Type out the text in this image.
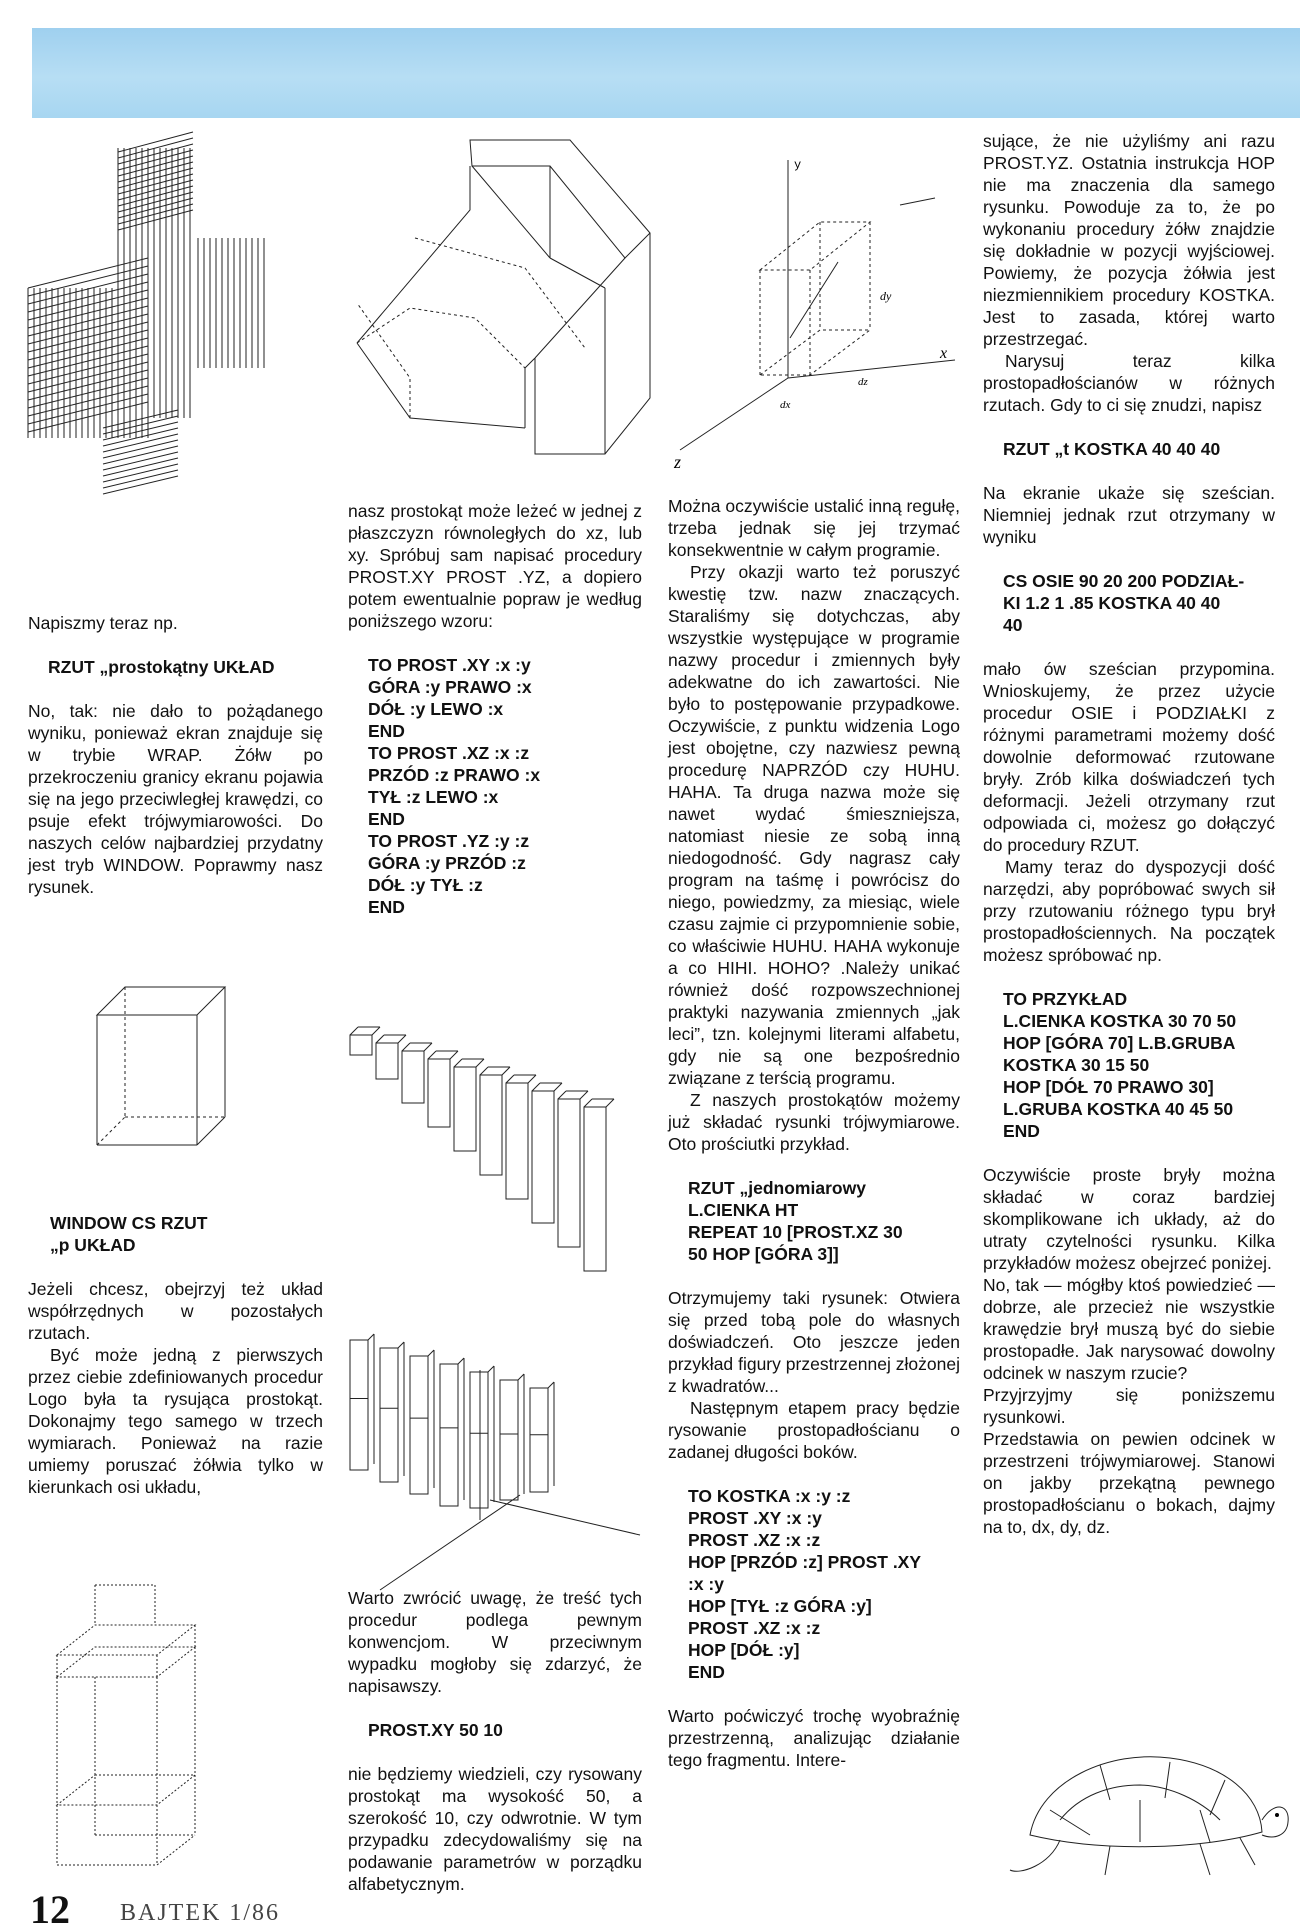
Napiszmy teraz np.

RZUT „prostokątny UKŁAD

No, tak: nie dało to pożądanego wyniku, ponieważ ekran znajduje się w trybie WRAP. Żółw po przekroczeniu granicy ekranu pojawia się na jego przeciwległej krawędzi, co psuje efekt trójwymiarowości. Do naszych celów najbardziej przydatny jest tryb WINDOW. Poprawmy nasz rysunek.

WINDOW CS RZUT

„p UKŁAD

Jeżeli chcesz, obejrzyj też układ współrzędnych w pozostałych rzutach.

Być może jedną z pierwszych przez ciebie zdefiniowanych procedur Logo była ta rysująca prostokąt. Dokonajmy tego samego w trzech wymiarach. Ponieważ na razie umiemy poruszać żółwia tylko w kierunkach osi układu,

nasz prostokąt może leżeć w jednej z płaszczyzn równoległych do xz, lub xy. Spróbuj sam napisać procedury PROST.XY PROST .YZ, a dopiero potem ewentualnie popraw je według poniższego wzoru:

TO PROST .XY :x :y

GÓRA :y PRAWO :x

DÓŁ :y LEWO :x

END

TO PROST .XZ :x :z

PRZÓD :z PRAWO :x

TYŁ :z LEWO :x

END

TO PROST .YZ :y :z

GÓRA :y PRZÓD :z

DÓŁ :y TYŁ :z

END

Warto zwrócić uwagę, że treść tych procedur podlega pewnym konwencjom. W przeciwnym wypadku mogłoby się zdarzyć, że napisawszy.

PROST.XY 50 10

nie będziemy wiedzieli, czy rysowany prostokąt ma wysokość 50, a szerokość 10, czy odwrotnie. W tym przypadku zdecydowaliśmy się na podawanie parametrów w porządku alfabetycznym.

y
dy
x
dz
dx
z

Można oczywiście ustalić inną regułę, trzeba jednak się jej trzymać konsekwentnie w całym programie.

Przy okazji warto też poruszyć kwestię tzw. nazw znaczących. Staraliśmy się dotychczas, aby wszystkie występujące w programie nazwy procedur i zmiennych były adekwatne do ich zawartości. Nie było to postępowanie przypadkowe. Oczywiście, z punktu widzenia Logo jest obojętne, czy nazwiesz pewną procedurę NAPRZÓD czy HUHU. HAHA. Ta druga nazwa może się nawet wydać śmieszniejsza, natomiast niesie ze sobą inną niedogodność. Gdy nagrasz cały program na taśmę i powrócisz do niego, powiedzmy, za miesiąc, wiele czasu zajmie ci przypomnienie sobie, co właściwie HUHU. HAHA wykonuje a co HIHI. HOHO? .Należy unikać również dość rozpowszechnionej praktyki nazywania zmiennych „jak leci”, tzn. kolejnymi literami alfabetu, gdy nie są one bezpośrednio związane z terścią programu.

Z naszych prostokątów możemy już składać rysunki trójwymiarowe. Oto prościutki przykład.

RZUT „jednomiarowy

L.CIENKA HT

REPEAT 10 [PROST.XZ 30

50 HOP [GÓRA 3]]

Otrzymujemy taki rysunek: Otwiera się przed tobą pole do własnych doświadczeń. Oto jeszcze jeden przykład figury przestrzennej złożonej z kwadratów...

Następnym etapem pracy będzie rysowanie prostopadłościanu o zadanej długości boków.

TO KOSTKA :x :y :z

PROST .XY :x :y

PROST .XZ :x :z

HOP [PRZÓD :z] PROST .XY

:x :y

HOP [TYŁ :z GÓRA :y]

PROST .XZ :x :z

HOP [DÓŁ :y]

END

Warto poćwiczyć trochę wyobraźnię przestrzenną, analizując działanie tego fragmentu. Intere-

sujące, że nie użyliśmy ani razu PROST.YZ. Ostatnia instrukcja HOP nie ma znaczenia dla samego rysunku. Powoduje za to, że po wykonaniu procedury żółw znajdzie się dokładnie w pozycji wyjściowej. Powiemy, że pozycja żółwia jest niezmiennikiem procedury KOSTKA. Jest to zasada, której warto przestrzegać.

Narysuj teraz kilka prostopadłościanów w różnych rzutach. Gdy to ci się znudzi, napisz

RZUT „t KOSTKA 40 40 40

Na ekranie ukaże się sześcian. Niemniej jednak rzut otrzymany w wyniku

CS OSIE 90 20 200 PODZIAŁ-

KI 1.2 1 .85 KOSTKA 40 40

40

mało ów sześcian przypomina. Wnioskujemy, że przez użycie procedur OSIE i PODZIAŁKI z różnymi parametrami możemy dość dowolnie deformować rzutowane bryły. Zrób kilka doświadczeń tych deformacji. Jeżeli otrzymany rzut odpowiada ci, możesz go dołączyć do procedury RZUT.

Mamy teraz do dyspozycji dość narzędzi, aby popróbować swych sił przy rzutowaniu różnego typu brył prostopadłościennych. Na początek możesz spróbować np.

TO PRZYKŁAD

L.CIENKA KOSTKA 30 70 50

HOP [GÓRA 70] L.B.GRUBA

KOSTKA 30 15 50

HOP [DÓŁ 70 PRAWO 30]

L.GRUBA KOSTKA 40 45 50

END

Oczywiście proste bryły można składać w coraz bardziej skomplikowane ich układy, aż do utraty czytelności rysunku. Kilka przykładów możesz obejrzeć poniżej.

No, tak — mógłby ktoś powiedzieć — dobrze, ale przecież nie wszystkie krawędzie brył muszą być do siebie prostopadłe. Jak narysować dowolny odcinek w naszym rzucie?

Przyjrzyjmy się poniższemu rysunkowi.

Przedstawia on pewien odcinek w przestrzeni trójwymiarowej. Stanowi on jakby przekątną pewnego prostopadłościanu o bokach, dajmy na to, dx, dy, dz.

12 BAJTEK 1/86
